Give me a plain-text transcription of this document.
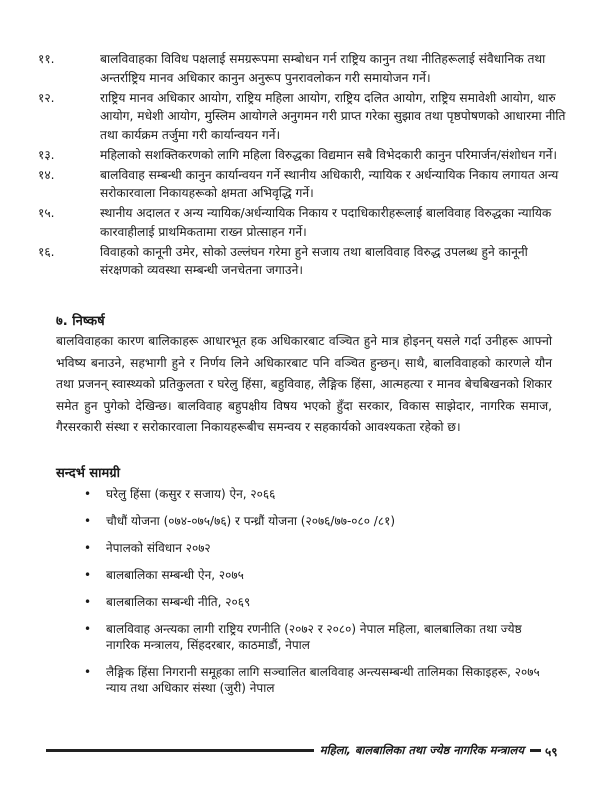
११.	बालविवाहका विविध पक्षलाई समग्ररूपमा सम्बोधन गर्न राष्ट्रिय कानुन तथा नीतिहरूलाई संवैधानिक तथा अन्तर्राष्ट्रिय मानव अधिकार कानुन अनुरूप पुनरावलोकन गरी समायोजन गर्ने।
१२.	राष्ट्रिय मानव अधिकार आयोग, राष्ट्रिय महिला आयोग, राष्ट्रिय दलित आयोग, राष्ट्रिय समावेशी आयोग, थारु आयोग, मधेशी आयोग, मुस्लिम आयोगले अनुगमन गरी प्राप्त गरेका सुझाव तथा पृष्ठपोषणको आधारमा नीति तथा कार्यक्रम तर्जुमा गरी कार्यान्वयन गर्ने।
१३.	महिलाको सशक्तिकरणको लागि महिला विरुद्धका विद्यमान सबै विभेदकारी कानुन परिमार्जन/संशोधन गर्ने।
१४.	बालविवाह सम्बन्धी कानुन कार्यान्वयन गर्ने स्थानीय अधिकारी, न्यायिक र अर्धन्यायिक निकाय लगायत अन्य सरोकारवाला निकायहरूको क्षमता अभिवृद्धि गर्ने।
१५.	स्थानीय अदालत र अन्य न्यायिक/अर्धन्यायिक निकाय र पदाधिकारीहरूलाई बालविवाह विरुद्धका न्यायिक कारवाहीलाई प्राथमिकतामा राख्न प्रोत्साहन गर्ने।
१६.	विवाहको कानूनी उमेर, सोको उल्लंघन गरेमा हुने सजाय तथा बालविवाह विरुद्ध उपलब्ध हुने कानूनी संरक्षणको व्यवस्था सम्बन्धी जनचेतना जगाउने।
७. निष्कर्ष
बालविवाहका कारण बालिकाहरू आधारभूत हक अधिकारबाट वञ्चित हुने मात्र होइनन् यसले गर्दा उनीहरू आफ्नो भविष्य बनाउने, सहभागी हुने र निर्णय लिने अधिकारबाट पनि वञ्चित हुन्छन्। साथै, बालविवाहको कारणले यौन तथा प्रजनन् स्वास्थ्यको प्रतिकुलता र घरेलु हिंसा, बहुविवाह, लैङ्गिक हिंसा, आत्महत्या र मानव बेचबिखनको शिकार समेत हुन पुगेको देखिन्छ। बालविवाह बहुपक्षीय विषय भएको हुँदा सरकार, विकास साझेदार, नागरिक समाज, गैरसरकारी संस्था र सरोकारवाला निकायहरूबीच समन्वय र सहकार्यको आवश्यकता रहेको छ।
सन्दर्भ सामग्री
• घरेलु हिंसा (कसुर र सजाय) ऐन, २०६६
• चौधौं योजना (०७४-०७५/७६) र पन्ध्रौं योजना (२०७६/७७-०८० /८१)
• नेपालको संविधान २०७२
• बालबालिका सम्बन्धी ऐन, २०७५
• बालबालिका सम्बन्धी नीति, २०६९
• बालविवाह अन्त्यका लागी राष्ट्रिय रणनीति (२०७२ र २०८०) नेपाल महिला, बालबालिका तथा ज्येष्ठ नागरिक मन्त्रालय, सिंहदरबार, काठमाडौं, नेपाल
• लैङ्गिक हिंसा निगरानी समूहका लागि सञ्चालित बालविवाह अन्त्यसम्बन्धी तालिमका सिकाइहरू, २०७५ न्याय तथा अधिकार संस्था (जुरी) नेपाल
महिला, बालबालिका तथा ज्येष्ठ नागरिक मन्त्रालय	५९
